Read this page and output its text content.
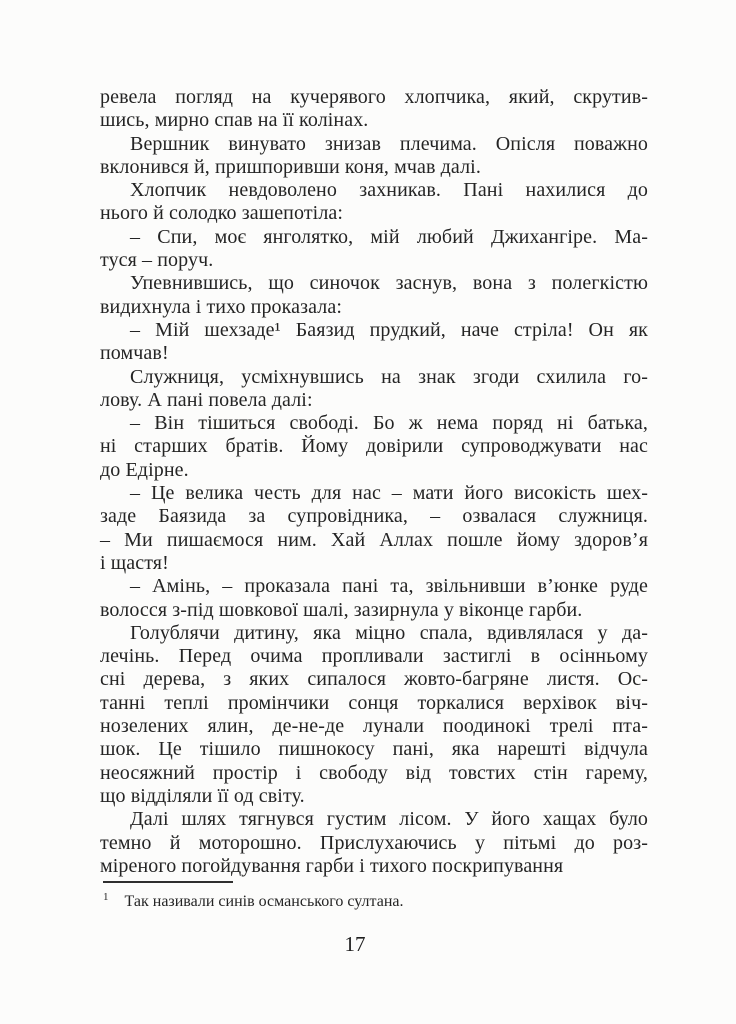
ревела погляд на кучерявого хлопчика, який, скрутив-
шись, мирно спав на її колінах.
Вершник винувато знизав плечима. Опісля поважно
вклонився й, пришпоривши коня, мчав далі.
Хлопчик невдоволено захникав. Пані нахилися до
нього й солодко зашепотіла:
– Спи, моє янголятко, мій любий Джихангіре. Ма-
туся – поруч.
Упевнившись, що синочок заснув, вона з полегкістю
видихнула і тихо проказала:
– Мій шехзаде¹ Баязид прудкий, наче стріла! Он як
помчав!
Служниця, усміхнувшись на знак згоди схилила го-
лову. А пані повела далі:
– Він тішиться свободі. Бо ж нема поряд ні батька,
ні старших братів. Йому довірили супроводжувати нас
до Едірне.
– Це велика честь для нас – мати його високість шех-
заде Баязида за супровідника, – озвалася служниця.
– Ми пишаємося ним. Хай Аллах пошле йому здоров’я
і щастя!
– Амінь, – проказала пані та, звільнивши в’юнке руде
волосся з-під шовкової шалі, зазирнула у віконце гарби.
Голублячи дитину, яка міцно спала, вдивлялася у да-
лечінь. Перед очима пропливали застиглі в осінньому
сні дерева, з яких сипалося жовто-багряне листя. Ос-
танні теплі промінчики сонця торкалися верхівок віч-
нозелених ялин, де-не-де лунали поодинокі трелі пта-
шок. Це тішило пишнокосу пані, яка нарешті відчула
неосяжний простір і свободу від товстих стін гарему,
що відділяли її од світу.
Далі шлях тягнувся густим лісом. У його хащах було
темно й моторошно. Прислухаючись у пітьмі до роз-
міреного погойдування гарби і тихого поскрипування
$^1$ Так називали синів османського султана.
17
